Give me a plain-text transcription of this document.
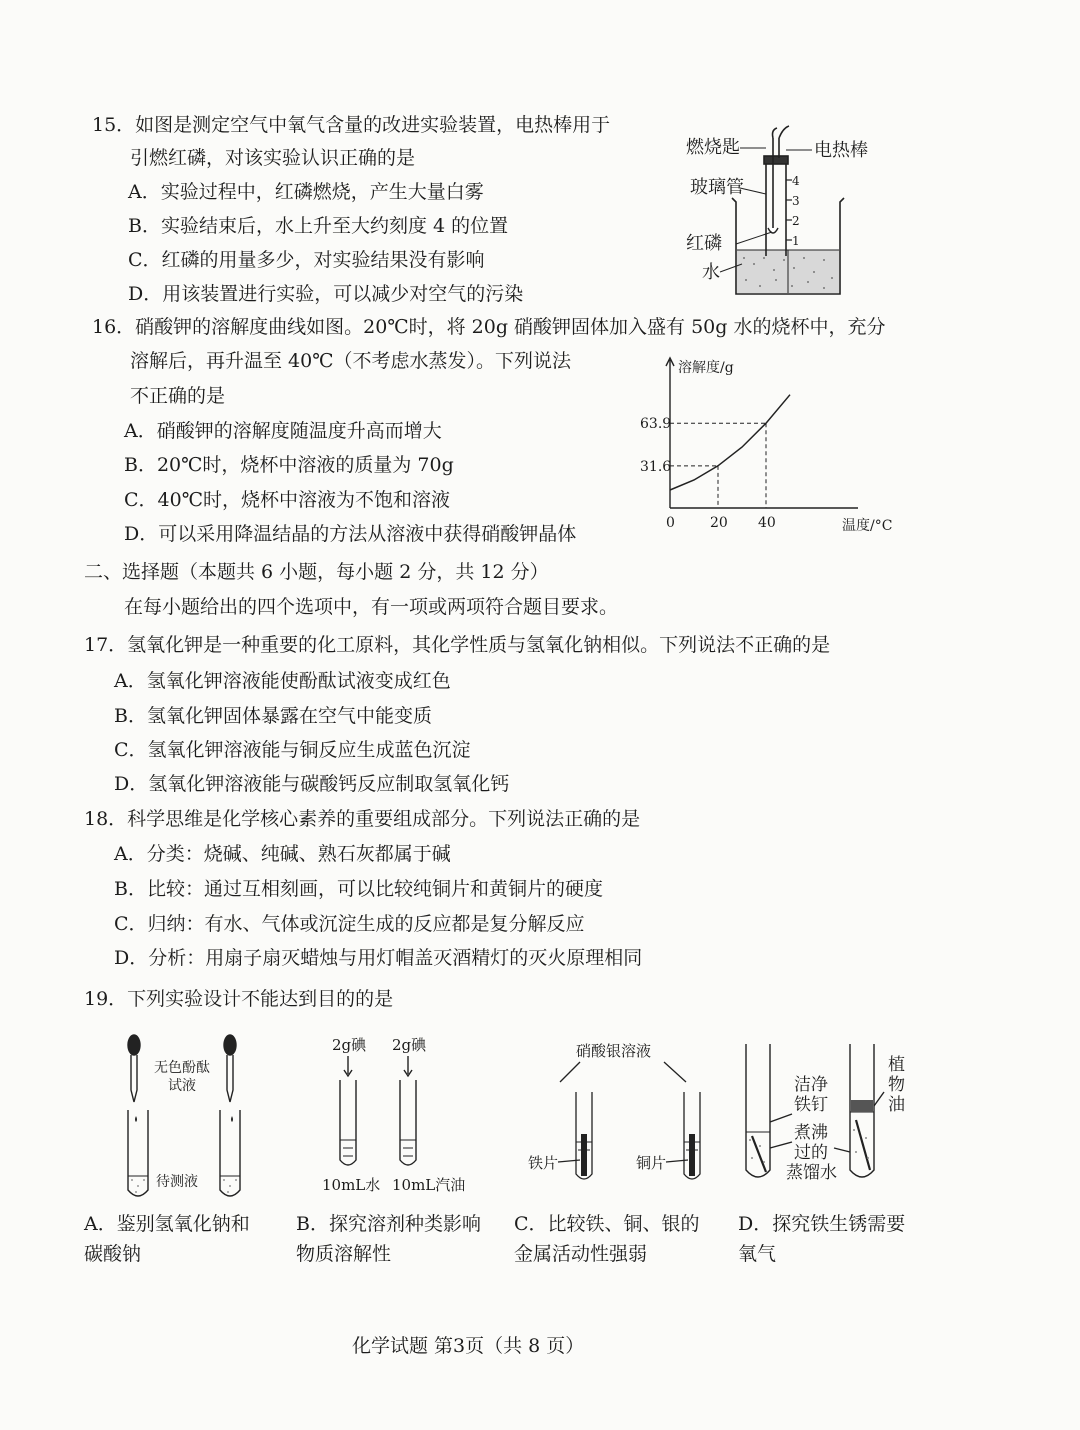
15．如图是测定空气中氧气含量的改进实验装置，电热棒用于
引燃红磷，对该实验认识正确的是
A．实验过程中，红磷燃烧，产生大量白雾
B．实验结束后，水上升至大约刻度 4 的位置
C．红磷的用量多少，对实验结果没有影响
D．用该装置进行实验，可以减少对空气的污染
4
3
2
1
燃烧匙	电热棒
玻璃管
红磷
水
16．硝酸钾的溶解度曲线如图。20℃时，将 20g 硝酸钾固体加入盛有 50g 水的烧杯中，充分
溶解后，再升温至 40℃（不考虑水蒸发）。下列说法
不正确的是
A．硝酸钾的溶解度随温度升高而增大
B．20℃时，烧杯中溶液的质量为 70g
C．40℃时，烧杯中溶液为不饱和溶液
D．可以采用降温结晶的方法从溶液中获得硝酸钾晶体
溶解度/g
温度/°C
0
31.6
20
63.9
40
二、选择题（本题共 6 小题，每小题 2 分，共 12 分）
在每小题给出的四个选项中，有一项或两项符合题目要求。
17．氢氧化钾是一种重要的化工原料，其化学性质与氢氧化钠相似。下列说法不正确的是
A．氢氧化钾溶液能使酚酞试液变成红色
B．氢氧化钾固体暴露在空气中能变质
C．氢氧化钾溶液能与铜反应生成蓝色沉淀
D．氢氧化钾溶液能与碳酸钙反应制取氢氧化钙
18．科学思维是化学核心素养的重要组成部分。下列说法正确的是
A．分类：烧碱、纯碱、熟石灰都属于碱
B．比较：通过互相刻画，可以比较纯铜片和黄铜片的硬度
C．归纳：有水、气体或沉淀生成的反应都是复分解反应
D．分析：用扇子扇灭蜡烛与用灯帽盖灭酒精灯的灭火原理相同
19．下列实验设计不能达到目的的是
无色酚酞
试液
待测液
2g碘 2g碘
10mL水 10mL汽油
硝酸银溶液
铁片	铜片
洁净
铁钉
煮沸
过的
蒸馏水
植
物
油
A．鉴别氢氧化钠和
碳酸钠
B．探究溶剂种类影响
物质溶解性
C．比较铁、铜、银的
金属活动性强弱
D．探究铁生锈需要
氧气
化学试题 第3页（共 8 页）
